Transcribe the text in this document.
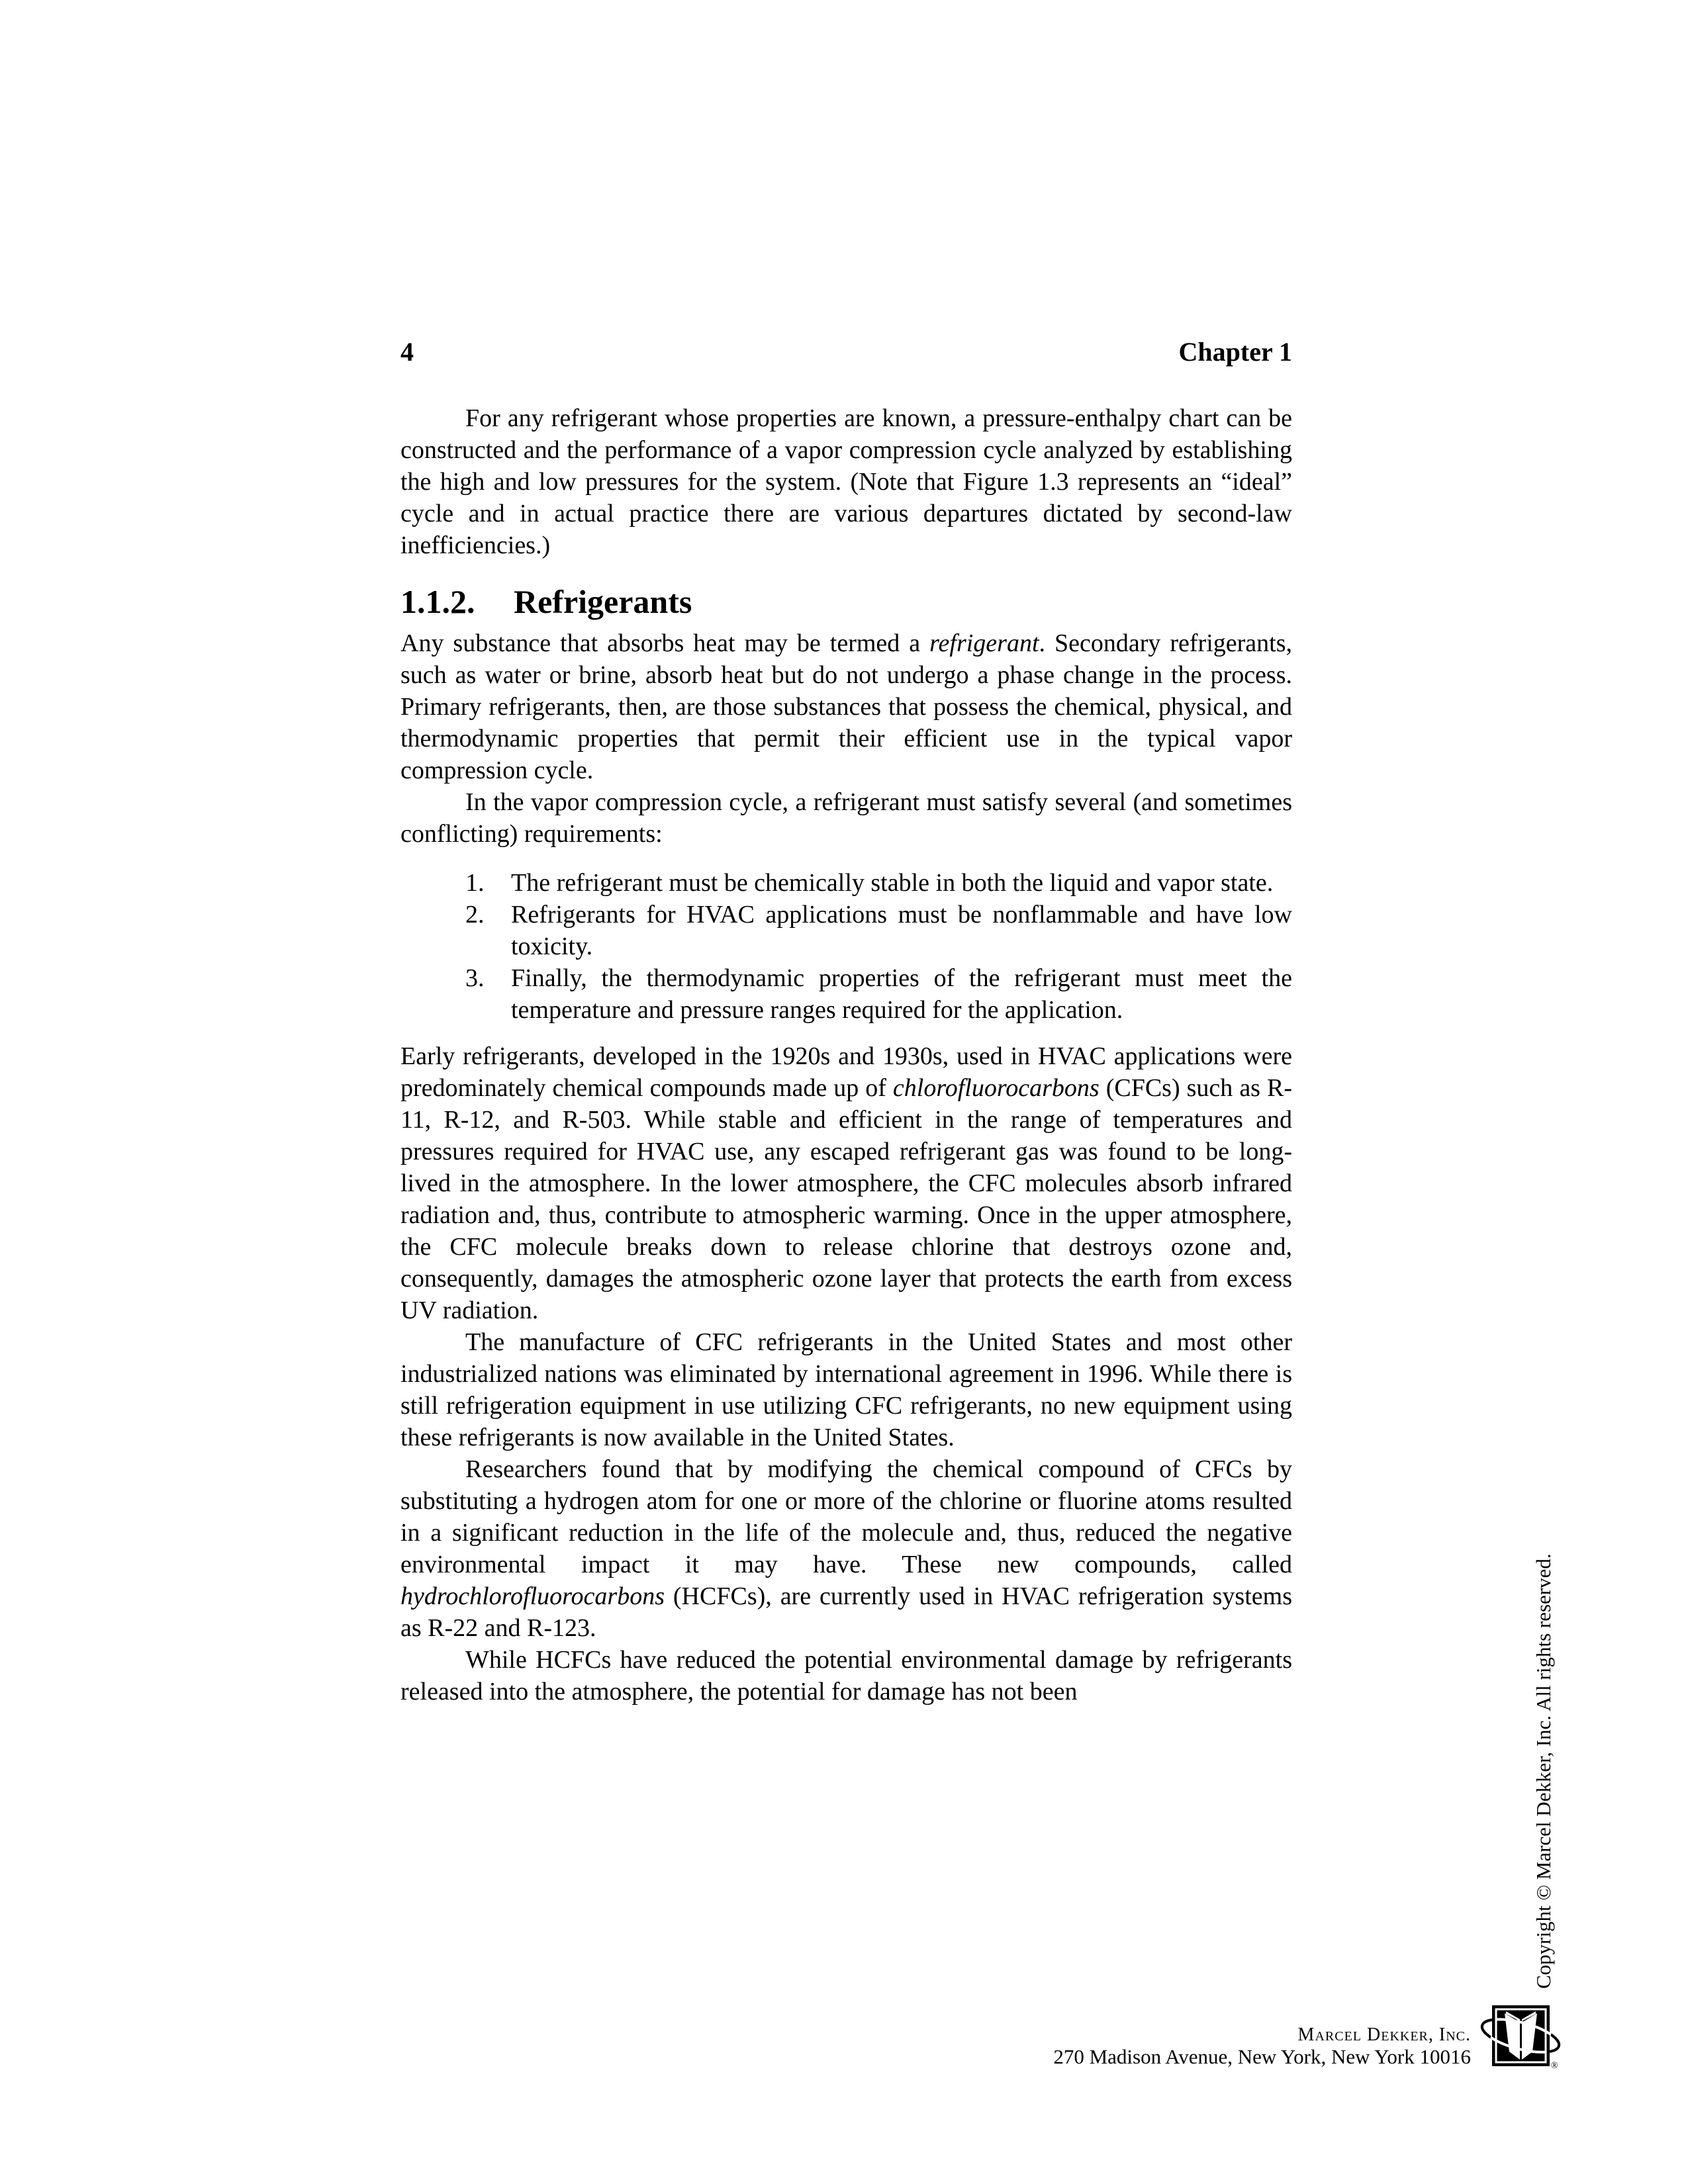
4	Chapter 1

For any refrigerant whose properties are known, a pressure-enthalpy chart can be constructed and the performance of a vapor compression cycle analyzed by establishing the high and low pressures for the system. (Note that Figure 1.3 represents an “ideal” cycle and in actual practice there are various departures dictated by second-law inefficiencies.)

1.1.2. Refrigerants

Any substance that absorbs heat may be termed a refrigerant. Secondary refrigerants, such as water or brine, absorb heat but do not undergo a phase change in the process. Primary refrigerants, then, are those substances that possess the chemical, physical, and thermodynamic properties that permit their efficient use in the typical vapor compression cycle.

In the vapor compression cycle, a refrigerant must satisfy several (and sometimes conflicting) requirements:

1.	The refrigerant must be chemically stable in both the liquid and vapor state.
2.	Refrigerants for HVAC applications must be nonflammable and have low toxicity.
3.	Finally, the thermodynamic properties of the refrigerant must meet the temperature and pressure ranges required for the application.

Early refrigerants, developed in the 1920s and 1930s, used in HVAC applications were predominately chemical compounds made up of chlorofluorocarbons (CFCs) such as R-11, R-12, and R-503. While stable and efficient in the range of temperatures and pressures required for HVAC use, any escaped refrigerant gas was found to be long-lived in the atmosphere. In the lower atmosphere, the CFC molecules absorb infrared radiation and, thus, contribute to atmospheric warming. Once in the upper atmosphere, the CFC molecule breaks down to release chlorine that destroys ozone and, consequently, damages the atmospheric ozone layer that protects the earth from excess UV radiation.

The manufacture of CFC refrigerants in the United States and most other industrialized nations was eliminated by international agreement in 1996. While there is still refrigeration equipment in use utilizing CFC refrigerants, no new equipment using these refrigerants is now available in the United States.

Researchers found that by modifying the chemical compound of CFCs by substituting a hydrogen atom for one or more of the chlorine or fluorine atoms resulted in a significant reduction in the life of the molecule and, thus, reduced the negative environmental impact it may have. These new compounds, called hydrochlorofluorocarbons (HCFCs), are currently used in HVAC refrigeration systems as R-22 and R-123.

While HCFCs have reduced the potential environmental damage by refrigerants released into the atmosphere, the potential for damage has not been	Copyright © Marcel Dekker, Inc. All rights reserved.
Marcel Dekker, Inc.
270 Madison Avenue, New York, New York 10016	®
